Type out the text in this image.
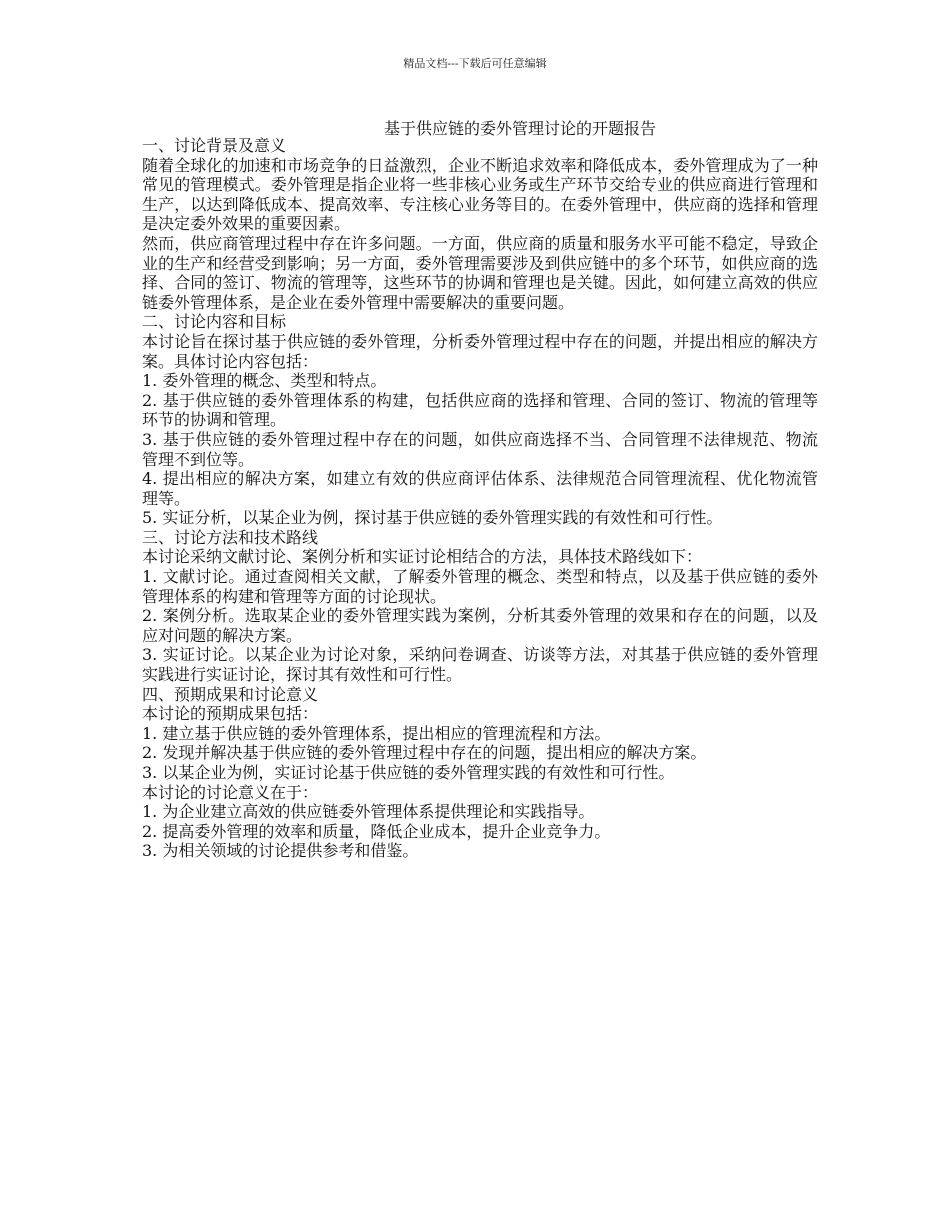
精品文档---下载后可任意编辑
基于供应链的委外管理讨论的开题报告
一、讨论背景及意义

随着全球化的加速和市场竞争的日益激烈，企业不断追求效率和降低成本，委外管理成为了一种常见的管理模式。委外管理是指企业将一些非核心业务或生产环节交给专业的供应商进行管理和生产，以达到降低成本、提高效率、专注核心业务等目的。在委外管理中，供应商的选择和管理是决定委外效果的重要因素。

然而，供应商管理过程中存在许多问题。一方面，供应商的质量和服务水平可能不稳定，导致企业的生产和经营受到影响；另一方面，委外管理需要涉及到供应链中的多个环节，如供应商的选择、合同的签订、物流的管理等，这些环节的协调和管理也是关键。因此，如何建立高效的供应链委外管理体系，是企业在委外管理中需要解决的重要问题。

二、讨论内容和目标

本讨论旨在探讨基于供应链的委外管理，分析委外管理过程中存在的问题，并提出相应的解决方案。具体讨论内容包括：

1. 委外管理的概念、类型和特点。

2. 基于供应链的委外管理体系的构建，包括供应商的选择和管理、合同的签订、物流的管理等环节的协调和管理。

3. 基于供应链的委外管理过程中存在的问题，如供应商选择不当、合同管理不法律规范、物流管理不到位等。

4. 提出相应的解决方案，如建立有效的供应商评估体系、法律规范合同管理流程、优化物流管理等。

5. 实证分析，以某企业为例，探讨基于供应链的委外管理实践的有效性和可行性。

三、讨论方法和技术路线

本讨论采纳文献讨论、案例分析和实证讨论相结合的方法，具体技术路线如下：

1. 文献讨论。通过查阅相关文献，了解委外管理的概念、类型和特点，以及基于供应链的委外管理体系的构建和管理等方面的讨论现状。

2. 案例分析。选取某企业的委外管理实践为案例，分析其委外管理的效果和存在的问题，以及应对问题的解决方案。

3. 实证讨论。以某企业为讨论对象，采纳问卷调查、访谈等方法，对其基于供应链的委外管理实践进行实证讨论，探讨其有效性和可行性。

四、预期成果和讨论意义

本讨论的预期成果包括：

1. 建立基于供应链的委外管理体系，提出相应的管理流程和方法。

2. 发现并解决基于供应链的委外管理过程中存在的问题，提出相应的解决方案。

3. 以某企业为例，实证讨论基于供应链的委外管理实践的有效性和可行性。

本讨论的讨论意义在于：

1. 为企业建立高效的供应链委外管理体系提供理论和实践指导。

2. 提高委外管理的效率和质量，降低企业成本，提升企业竞争力。

3. 为相关领域的讨论提供参考和借鉴。
